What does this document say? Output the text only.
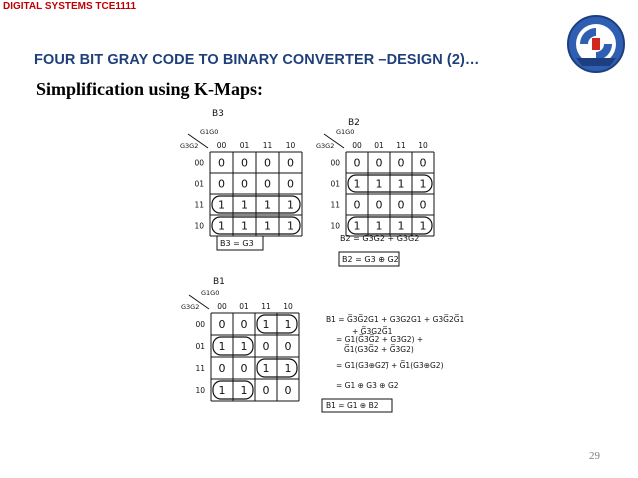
DIGITAL SYSTEMS TCE1111
FOUR BIT GRAY CODE TO BINARY CONVERTER –DESIGN (2)…
Simplification using K-Maps:
B3
G3G2
G1G0
00 01 11 10
00
01
11
10
0 0 0 0
0 0 0 0
1 1 1 1
1 1 1 1
B3 = G3
B2
G3G2
G1G0
00 01 11 10
00
01
11
10
0 0 0 0
1 1 1 1
0 0 0 0
1 1 1 1
B2 = G3̅G2 + G3G2̅
B2 = G3 ⊕ G2
B1
G3G2
G1G0
00 01 11 10
00
01
11
10
0 0 1 1
1 1 0 0
0 0 1 1
1 1 0 0
B1 = G̅3G̅2G1 + G3G2G1 + G3G̅2G̅1
+ G̅3G2G̅1
= G1(G̅3G̅2 + G3G2) +
G̅1(G3G̅2 + G̅3G2)
= G1(G3⊕G2)̅ + G̅1(G3⊕G2)
= G1 ⊕ G3 ⊕ G2
B1 = G1 ⊕ B2
29
